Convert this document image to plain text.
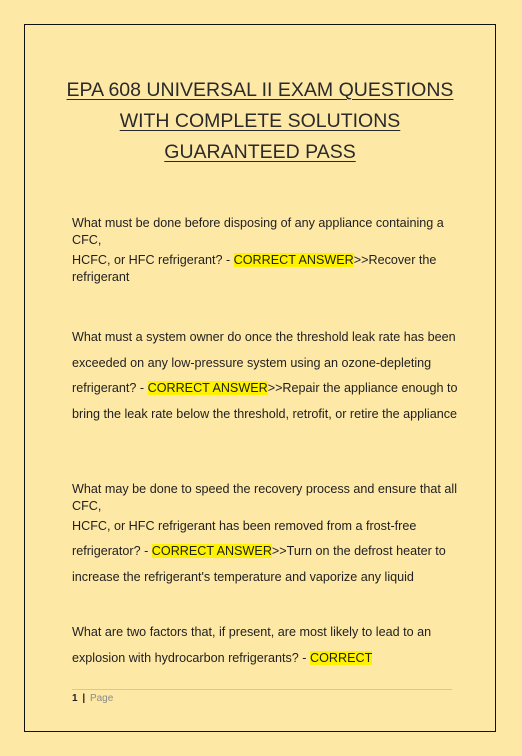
EPA 608 UNIVERSAL II EXAM QUESTIONS
WITH COMPLETE SOLUTIONS
GUARANTEED PASS

What must be done before disposing of any appliance containing a CFC,

HCFC, or HFC refrigerant? - CORRECT ANSWER>>Recover the refrigerant

What must a system owner do once the threshold leak rate has been exceeded on any low-pressure system using an ozone-depleting refrigerant? - CORRECT ANSWER>>Repair the appliance enough to bring the leak rate below the threshold, retrofit, or retire the appliance

What may be done to speed the recovery process and ensure that all CFC,

HCFC, or HFC refrigerant has been removed from a frost-free

refrigerator? - CORRECT ANSWER>>Turn on the defrost heater to increase the refrigerant's temperature and vaporize any liquid

What are two factors that, if present, are most likely to lead to an explosion with hydrocarbon refrigerants? - CORRECT

1 | Page
